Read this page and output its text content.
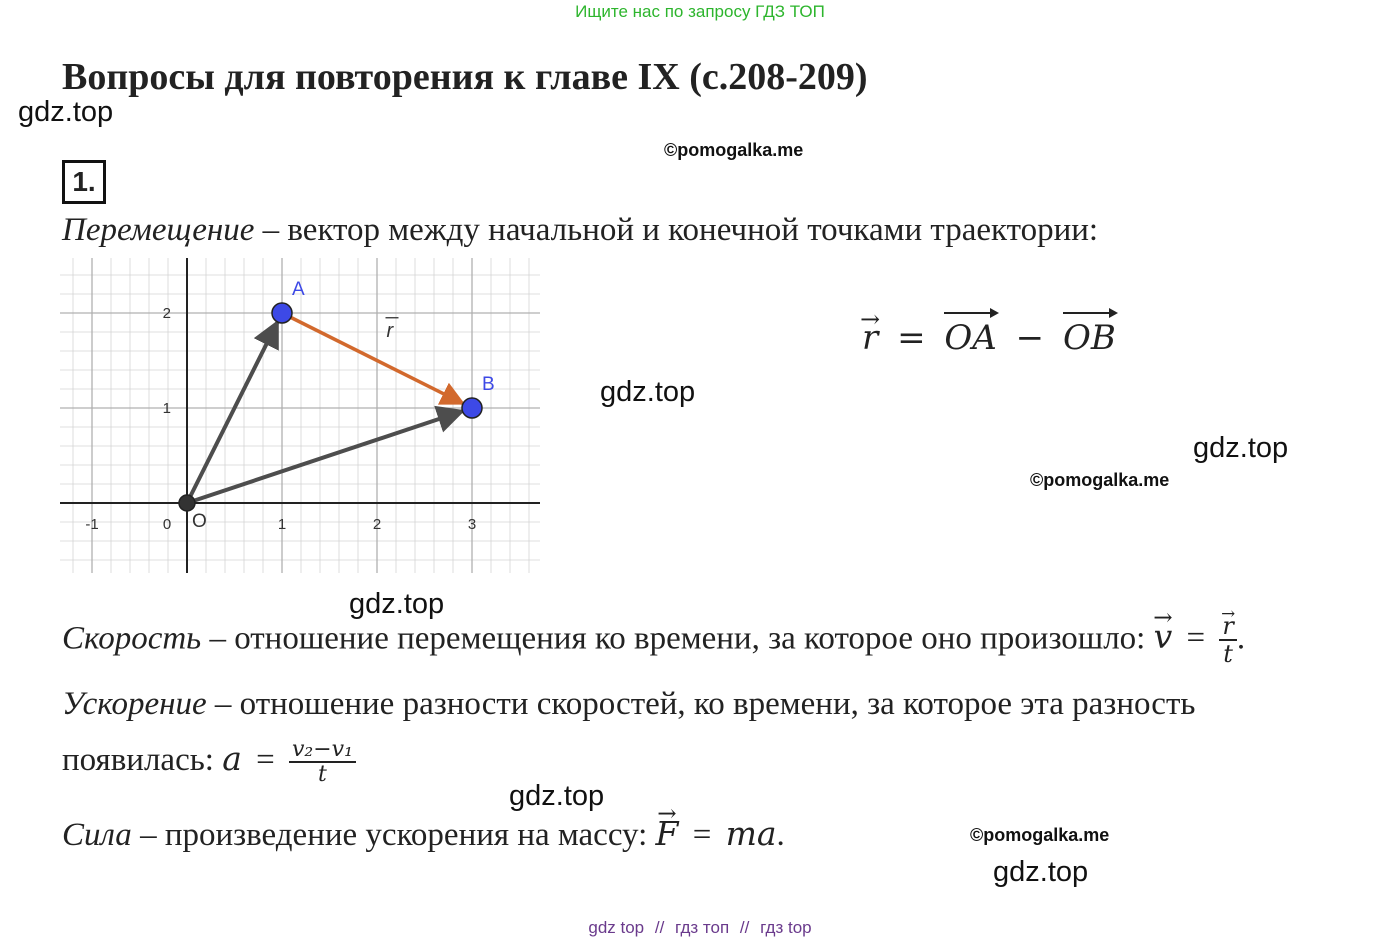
Ищите нас по запросу ГДЗ ТОП
Вопросы для повторения к главе IX (с.208-209)
gdz.top
©pomogalka.me
1.
Перемещение – вектор между начальной и конечной точками траектории:
-1	0	1	2	3
1
2
r
O
A
B
→ r = OA − OB
gdz.top
gdz.top
©pomogalka.me
gdz.top
Скорость – отношение перемещения ко времени, за которое оно произошло: → v =
→ $\frac{r}{t}$ .
Ускорение – отношение разности скоростей, ко времени, за которое эта разность
появилась: $a = \frac{\text{v₂−v₁}}{t}$
gdz.top
Сила – произведение ускорения на массу: → F = ma.	©pomogalka.me
gdz.top
gdz top // гдз топ // гдз top
